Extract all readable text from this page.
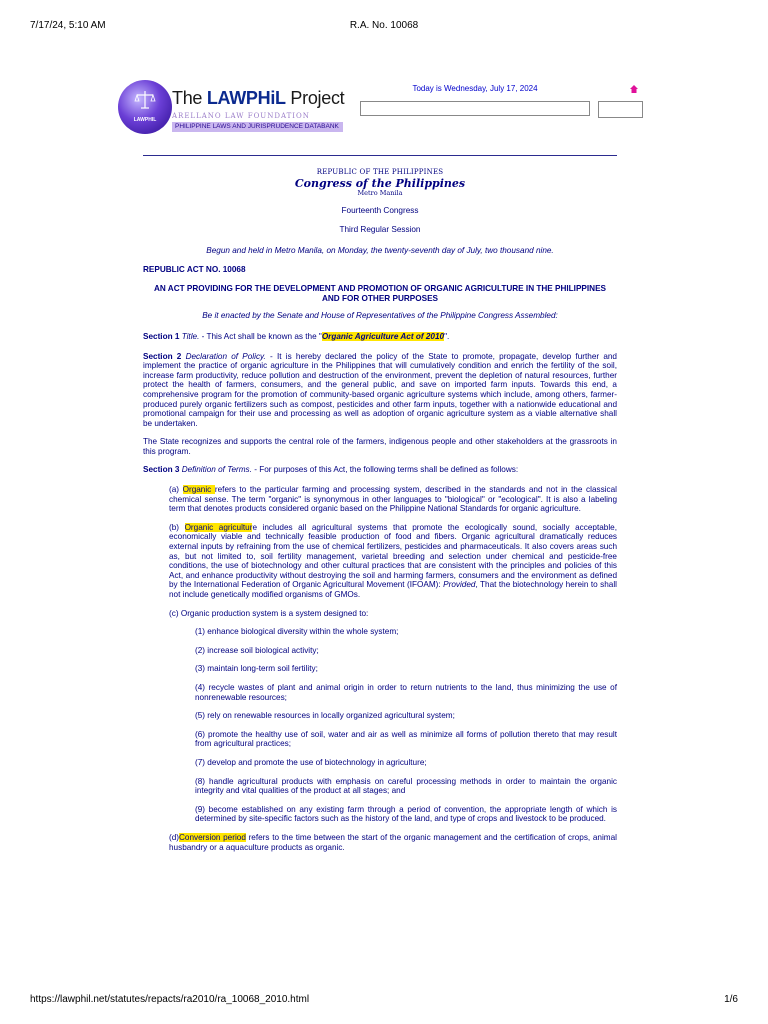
7/17/24, 5:10 AM	R.A. No. 10068
LAWPHIL
The LAWPHiL Project
ARELLANO LAW FOUNDATION
PHILIPPINE LAWS AND JURISPRUDENCE DATABANK
Today is Wednesday, July 17, 2024
REPUBLIC OF THE PHILIPPINES
Congress of the Philippines
Metro Manila

Fourteenth Congress

Third Regular Session

Begun and held in Metro Manila, on Monday, the twenty-seventh day of July, two thousand nine.

REPUBLIC ACT NO. 10068

AN ACT PROVIDING FOR THE DEVELOPMENT AND PROMOTION OF ORGANIC AGRICULTURE IN THE PHILIPPINES AND FOR OTHER PURPOSES

Be it enacted by the Senate and House of Representatives of the Philippine Congress Assembled:

Section 1 Title. - This Act shall be known as the "Organic Agriculture Act of 2010".

Section 2 Declaration of Policy. - It is hereby declared the policy of the State to promote, propagate, develop further and implement the practice of organic agriculture in the Philippines that will cumulatively condition and enrich the fertility of the soil, increase farm productivity, reduce pollution and destruction of the environment, prevent the depletion of natural resources, further protect the health of farmers, consumers, and the general public, and save on imported farm inputs. Towards this end, a comprehensive program for the promotion of community-based organic agriculture systems which include, among others, farmer-produced purely organic fertilizers such as compost, pesticides and other farm inputs, together with a nationwide educational and promotional campaign for their use and processing as well as adoption of organic agriculture system as a viable alternative shall be undertaken.

The State recognizes and supports the central role of the farmers, indigenous people and other stakeholders at the grassroots in this program.

Section 3 Definition of Terms. - For purposes of this Act, the following terms shall be defined as follows:

(a) Organic refers to the particular farming and processing system, described in the standards and not in the classical chemical sense. The term "organic" is synonymous in other languages to "biological" or "ecological". It is also a labeling term that denotes products considered organic based on the Philippine National Standards for organic agriculture.

(b) Organic agriculture includes all agricultural systems that promote the ecologically sound, socially acceptable, economically viable and technically feasible production of food and fibers. Organic agricultural dramatically reduces external inputs by refraining from the use of chemical fertilizers, pesticides and pharmaceuticals. It also covers areas such as, but not limited to, soil fertility management, varietal breeding and selection under chemical and pesticide-free conditions, the use of biotechnology and other cultural practices that are consistent with the principles and policies of this Act, and enhance productivity without destroying the soil and harming farmers, consumers and the environment as defined by the International Federation of Organic Agricultural Movement (IFOAM): Provided, That the biotechnology herein to shall not include genetically modified organisms of GMOs.

(c) Organic production system is a system designed to:

(1) enhance biological diversity within the whole system;

(2) increase soil biological activity;

(3) maintain long-term soil fertility;

(4) recycle wastes of plant and animal origin in order to return nutrients to the land, thus minimizing the use of nonrenewable resources;

(5) rely on renewable resources in locally organized agricultural system;

(6) promote the healthy use of soil, water and air as well as minimize all forms of pollution thereto that may result from agricultural practices;

(7) develop and promote the use of biotechnology in agriculture;

(8) handle agricultural products with emphasis on careful processing methods in order to maintain the organic integrity and vital qualities of the product at all stages; and

(9) become established on any existing farm through a period of convention, the appropriate length of which is determined by site-specific factors such as the history of the land, and type of crops and livestock to be produced.

(d)Conversion period refers to the time between the start of the organic management and the certification of crops, animal husbandry or a aquaculture products as organic.

https://lawphil.net/statutes/repacts/ra2010/ra_10068_2010.html	1/6
